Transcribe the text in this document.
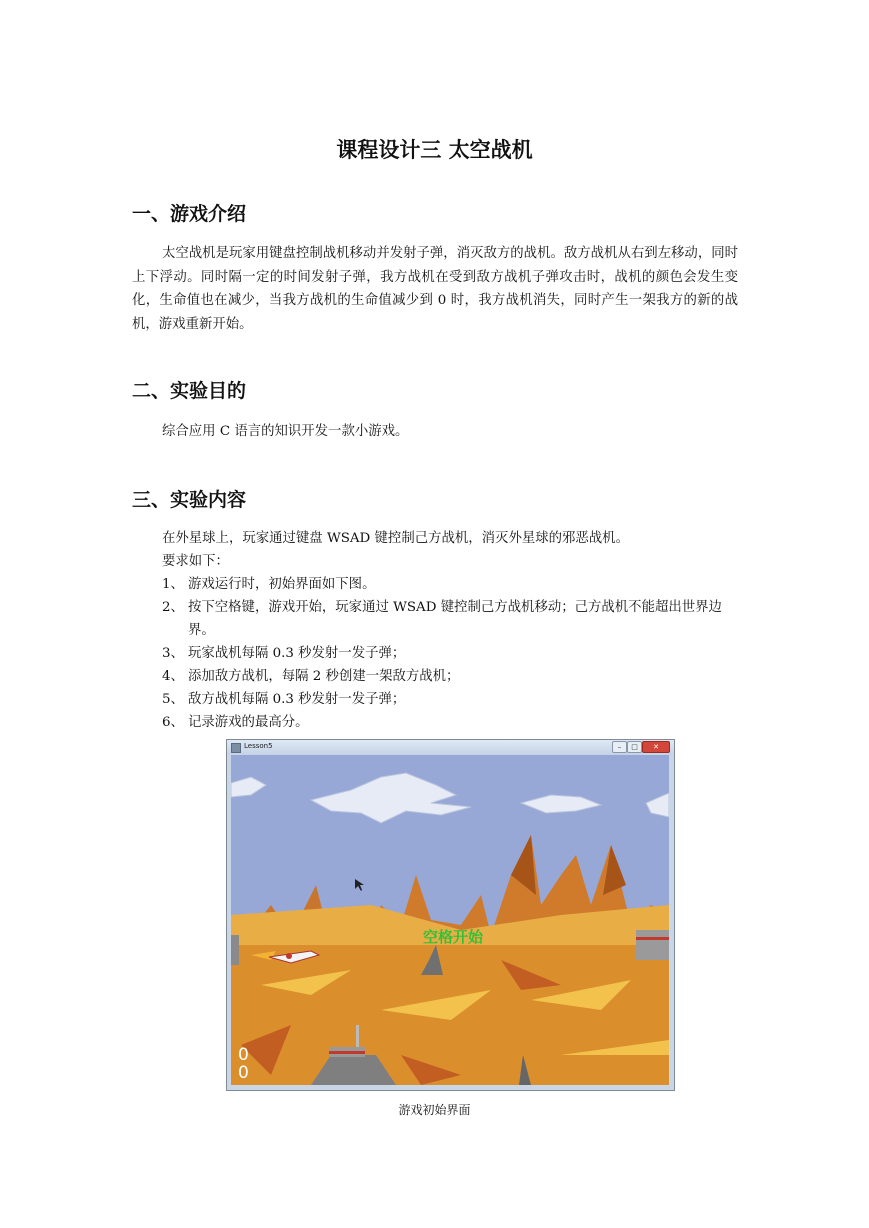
课程设计三 太空战机
一、游戏介绍
太空战机是玩家用键盘控制战机移动并发射子弹，消灭敌方的战机。敌方战机从右到左移动，同时上下浮动。同时隔一定的时间发射子弹，我方战机在受到敌方战机子弹攻击时，战机的颜色会发生变化，生命值也在减少，当我方战机的生命值减少到 0 时，我方战机消失，同时产生一架我方的新的战机，游戏重新开始。
二、实验目的
综合应用 C 语言的知识开发一款小游戏。
三、实验内容
在外星球上，玩家通过键盘 WSAD 键控制己方战机，消灭外星球的邪恶战机。
要求如下：
1、 游戏运行时，初始界面如下图。
2、 按下空格键，游戏开始，玩家通过 WSAD 键控制己方战机移动；己方战机不能超出世界边界。
3、 玩家战机每隔 0.3 秒发射一发子弹；
4、 添加敌方战机，每隔 2 秒创建一架敌方战机；
5、 敌方战机每隔 0.3 秒发射一发子弹；
6、 记录游戏的最高分。
Lesson5	–	□	✕
空格开始
0
0
游戏初始界面
